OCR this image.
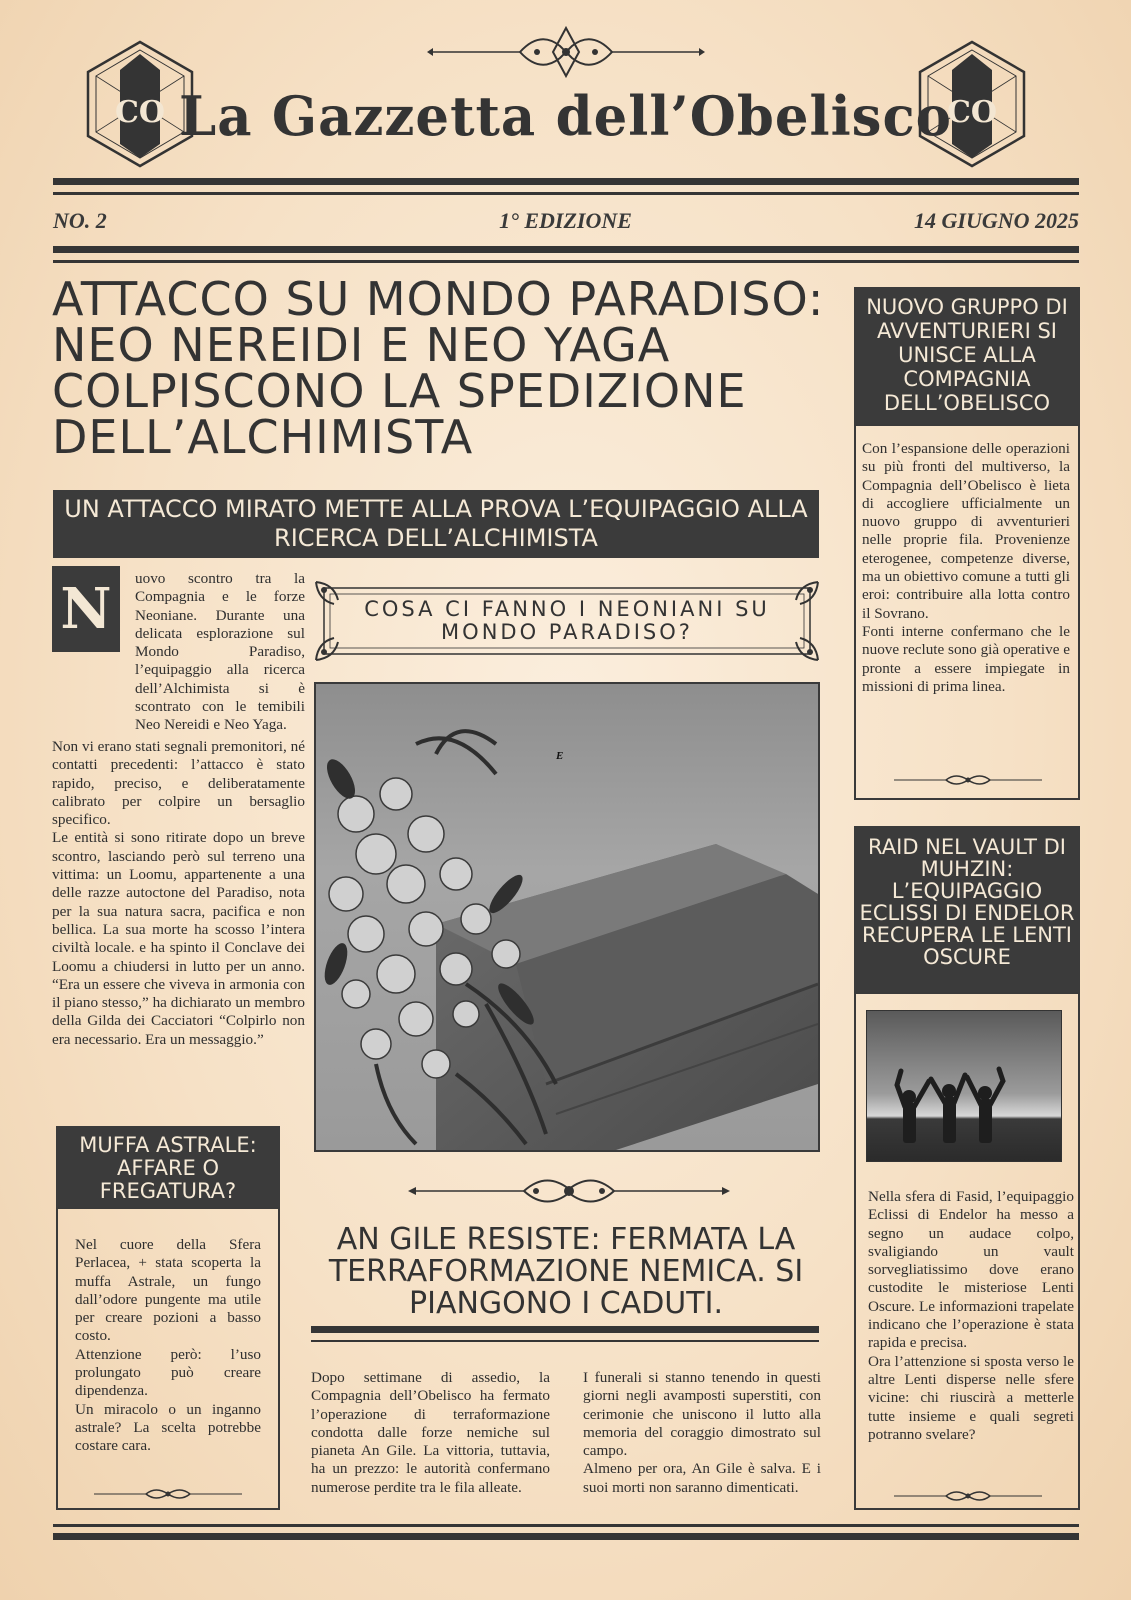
CO	CO
La Gazzetta dell’Obelisco
NO. 2	1° EDIZIONE	14 GIUGNO 2025
ATTACCO SU MONDO PARADISO: NEO NEREIDI E NEO YAGA COLPISCONO LA SPEDIZIONE DELL’ALCHIMISTA
UN ATTACCO MIRATO METTE ALLA PROVA L’EQUIPAGGIO ALLA RICERCA DELL’ALCHIMISTA
N	uovo scontro tra la Compagnia e le forze Neoniane. Durante una delicata esplorazione sul Mondo Paradiso, l’equipaggio alla ricerca dell’Alchimista si è scontrato con le temibili Neo Nereidi e Neo Yaga.

Non vi erano stati segnali premonitori, né contatti precedenti: l’attacco è stato rapido, preciso, e deliberatamente calibrato per colpire un bersaglio specifico.

Le entità si sono ritirate dopo un breve scontro, lasciando però sul terreno una vittima: un Loomu, appartenente a una delle razze autoctone del Paradiso, nota per la sua natura sacra, pacifica e non bellica. La sua morte ha scosso l’intera civiltà locale. e ha spinto il Conclave dei Loomu a chiudersi in lutto per un anno. “Era un essere che viveva in armonia con il piano stesso,” ha dichiarato un membro della Gilda dei Cacciatori “Colpirlo non era necessario. Era un messaggio.”

COSA CI FANNO I NEONIANI SU MONDO PARADISO?
E
MUFFA ASTRALE: AFFARE O FREGATURA?

Nel cuore della Sfera Perlacea, + stata scoperta la muffa Astrale, un fungo dall’odore pungente ma utile per creare pozioni a basso costo.

Attenzione però: l’uso prolungato può creare dipendenza.

Un miracolo o un inganno astrale? La scelta potrebbe costare cara.

AN GILE RESISTE: FERMATA LA TERRAFORMAZIONE NEMICA. SI PIANGONO I CADUTI.

Dopo settimane di assedio, la Compagnia dell’Obelisco ha fermato l’operazione di terraformazione condotta dalle forze nemiche sul pianeta An Gile. La vittoria, tuttavia, ha un prezzo: le autorità confermano numerose perdite tra le fila alleate.

I funerali si stanno tenendo in questi giorni negli avamposti superstiti, con cerimonie che uniscono il lutto alla memoria del coraggio dimostrato sul campo.

Almeno per ora, An Gile è salva. E i suoi morti non saranno dimenticati.

NUOVO GRUPPO DI AVVENTURIERI SI UNISCE ALLA COMPAGNIA DELL’OBELISCO

Con l’espansione delle operazioni su più fronti del multiverso, la Compagnia dell’Obelisco è lieta di accogliere ufficialmente un nuovo gruppo di avventurieri nelle proprie fila. Provenienze eterogenee, competenze diverse, ma un obiettivo comune a tutti gli eroi: contribuire alla lotta contro il Sovrano.

Fonti interne confermano che le nuove reclute sono già operative e pronte a essere impiegate in missioni di prima linea.

RAID NEL VAULT DI MUHZIN: L’EQUIPAGGIO ECLISSI DI ENDELOR RECUPERA LE LENTI OSCURE

Nella sfera di Fasid, l’equipaggio Eclissi di Endelor ha messo a segno un audace colpo, svaligiando un vault sorvegliatissimo dove erano custodite le misteriose Lenti Oscure. Le informazioni trapelate indicano che l’operazione è stata rapida e precisa.

Ora l’attenzione si sposta verso le altre Lenti disperse nelle sfere vicine: chi riuscirà a metterle tutte insieme e quali segreti potranno svelare?
